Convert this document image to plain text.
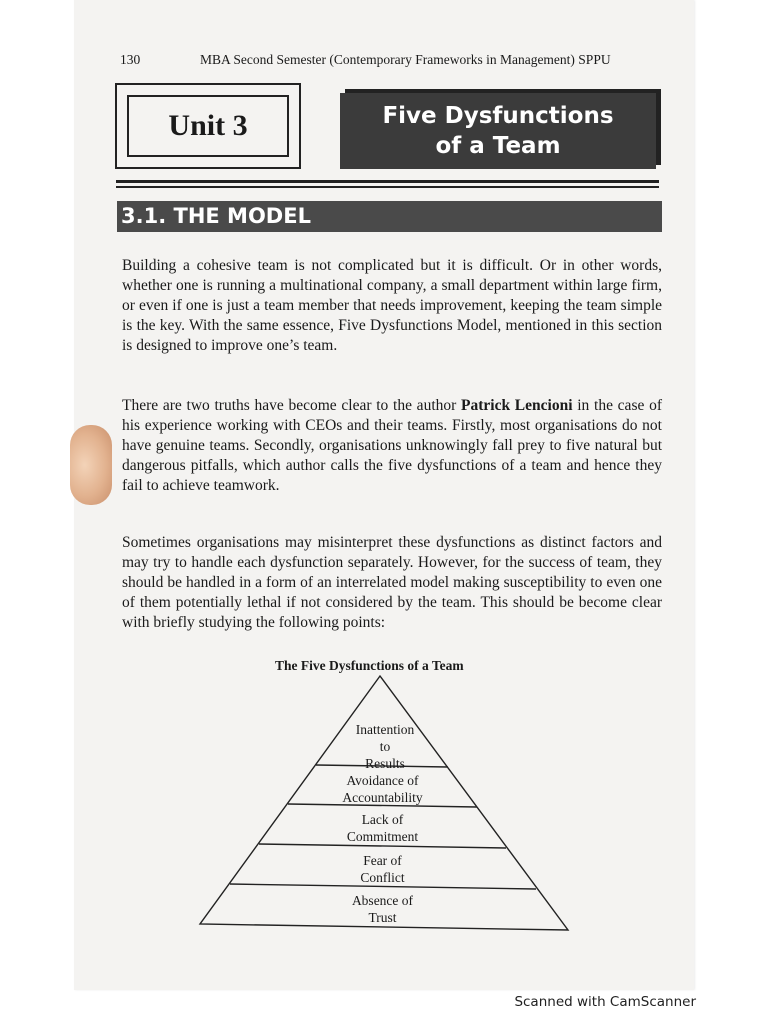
130	MBA Second Semester (Contemporary Frameworks in Management) SPPU
Unit 3	Five Dysfunctions
of a Team
3.1. THE MODEL
Building a cohesive team is not complicated but it is difficult. Or in other words, whether one is running a multinational company, a small department within large firm, or even if one is just a team member that needs improvement, keeping the team simple is the key. With the same essence, Five Dysfunctions Model, mentioned in this section is designed to improve one’s team.
There are two truths have become clear to the author Patrick Lencioni in the case of his experience working with CEOs and their teams. Firstly, most organisations do not have genuine teams. Secondly, organisations unknowingly fall prey to five natural but dangerous pitfalls, which author calls the five dysfunctions of a team and hence they fail to achieve teamwork.
Sometimes organisations may misinterpret these dysfunctions as distinct factors and may try to handle each dysfunction separately. However, for the success of team, they should be handled in a form of an interrelated model making susceptibility to even one of them potentially lethal if not considered by the team. This should be become clear with briefly studying the following points:
The Five Dysfunctions of a Team
Inattention
to
Results
Avoidance of
Accountability
Lack of
Commitment
Fear of
Conflict
Absence of
Trust
Scanned with CamScanner
